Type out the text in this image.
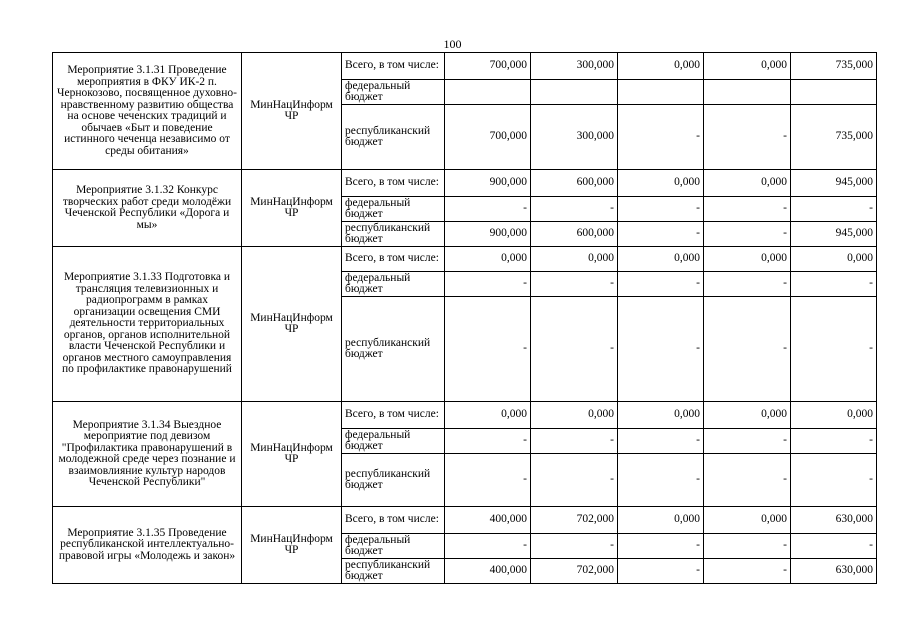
100
Мероприятие 3.1.31 Проведение мероприятия в ФКУ ИК-2 п. Чернокозово, посвященное духовно-нравственному развитию общества на основе чеченских традиций и обычаев «Быт и поведение истинного чеченца независимо от среды обитания»	МинНацИнформ ЧР	Всего, в том числе:	700,000	300,000	0,000	0,000	735,000
		федеральный бюджет					
		республиканский бюджет	700,000	300,000	-	-	735,000
Мероприятие 3.1.32 Конкурс творческих работ среди молодёжи Чеченской Республики «Дорога и мы»	МинНацИнформ ЧР	Всего, в том числе:	900,000	600,000	0,000	0,000	945,000
		федеральный бюджет	-	-	-	-	-
		республиканский бюджет	900,000	600,000	-	-	945,000
Мероприятие 3.1.33 Подготовка и трансляция телевизионных и радиопрограмм в рамках организации освещения СМИ деятельности территориальных органов, органов исполнительной власти Чеченской Республики и органов местного самоуправления по профилактике правонарушений	МинНацИнформ ЧР	Всего, в том числе:	0,000	0,000	0,000	0,000	0,000
		федеральный бюджет	-	-	-	-	-
		республиканский бюджет	-	-	-	-	-
Мероприятие 3.1.34 Выездное мероприятие под девизом "Профилактика правонарушений в молодежной среде через познание и взаимовлияние культур народов Чеченской Республики"	МинНацИнформ ЧР	Всего, в том числе:	0,000	0,000	0,000	0,000	0,000
		федеральный бюджет	-	-	-	-	-
		республиканский бюджет	-	-	-	-	-
Мероприятие 3.1.35 Проведение республиканской интеллектуально-правовой игры «Молодежь и закон»	МинНацИнформ ЧР	Всего, в том числе:	400,000	702,000	0,000	0,000	630,000
		федеральный бюджет	-	-	-	-	-
		республиканский бюджет	400,000	702,000	-	-	630,000
